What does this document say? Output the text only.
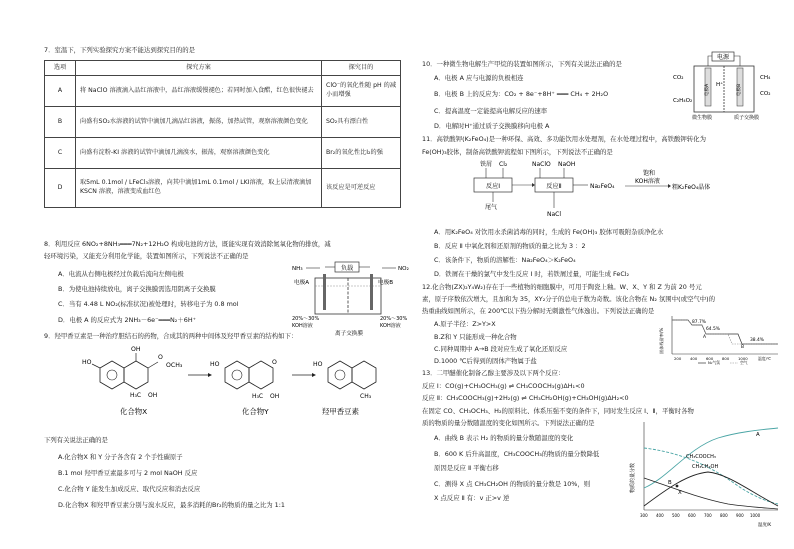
7．室温下，下列实验探究方案不能达到探究目的的是
选项	探究方案	探究目的
A	将 NaClO 溶液滴入品红溶液中，品红溶液缓慢褪色；若同时加入食醋，红色很快褪去	ClO⁻的氧化性随 pH 的减小而增强
B	向盛有SO₂水溶液的试管中滴加几滴品红溶液，振荡，加热试管，观察溶液颜色变化	SO₂具有漂白性
C	向盛有淀粉-KI 溶液的试管中滴加几滴溴水，振荡，观察溶液颜色变化	Br₂的氧化性比I₂的强
D	取5mL 0.1mol / LFeCl₃溶液，向其中滴加1mL 0.1mol / LKI溶液，取上层清液滴加KSCN 溶液，溶液变成血红色	该反应是可逆反应
8．利用反应 6NO₂+8NH₃═══7N₂+12H₂O 构成电池的方法，既能实现有效消除氮氧化物的排放，减
轻环境污染，又能充分利用化学能，装置如图所示，下列说法不正确的是
A．电流从右侧电极经过负载后流向左侧电极
B．为使电池持续放电，离子交换膜需选用阴离子交换膜
C．当有 4.48 L NO₂(标准状况)被处理时，转移电子为 0.8 mol
D．电极 A 的反应式为 2NH₃－6e⁻═══N₂＋6H⁺
负载
NH₃	NO₂
电极A	电极B
20%～30%
KOH溶液
20%～30%
KOH溶液
离子交换膜
9．羟甲香豆素是一种治疗胆结石的药物，合成其的两种中间体及羟甲香豆素的结构如下：
HO
OH
O
OCH₃
H₃C OH
化合物X
HO	O
H₃C OH
化合物Y
HO
CH₃
羟甲香豆素
下列有关说法正确的是
A.化合物X 和 Y 分子各含有 2 个手性碳原子
B.1 mol 羟甲香豆素最多可与 2 mol NaOH 反应
C.化合物 Y 能发生加成反应、取代反应和消去反应
D.化合物X 和羟甲香豆素分别与溴水反应，最多消耗的Br₂的物质的量之比为 1:1
10．一种微生物电解生产甲烷的装置如图所示，下列有关说法正确的是
A．电极 A 应与电源的负极相连
B．电极 B 上的反应为：CO₂ + 8e⁻+8H⁺ ═══ CH₄ + 2H₂O
C．提高温度一定能提高电解反应的速率
D．电解时H⁺通过质子交换膜移向电极 A
电源
电极A	电极B
CO₂
H⁺
C₂H₄O₂
CH₄
CO₂
微生物膜	质子交换膜
11．高铁酸钾(K₂FeO₄)是一种环保、高效、多功能饮用水处理剂，在水处理过程中，高铁酸钾转化为
Fe(OH)₃胶体，制备高铁酸钾流程如下图所示，下列说法不正确的是
铁屑 Cl₂	NaClO NaOH
反应Ⅰ	反应Ⅱ	Na₂FeO₄
饱和
KOH溶液
粗K₂FeO₄晶体
尾气
NaCl
A．用K₂FeO₄ 对饮用水杀菌消毒的同时，生成的 Fe(OH)₃ 胶体可吸附杂质净化水
B．反应 Ⅱ 中氧化剂和还原剂的物质的量之比为 3 ：2
C．该条件下，物质的溶解性：Na₂FeO₄＞K₂FeO₄
D．铁屑在干燥的氯气中发生反应 Ⅰ 时，若铁屑过量，可能生成 FeCl₂
12.化合物(ZX)₂Y₄W₂)存在于一些植物的细胞膜中，可用于陶瓷上釉。W、X、Y 和 Z 为前 20 号元
素，原子序数依次增大，且加和为 35，XY₂分子的总电子数为奇数。该化合物在 N₂ 氛围中(或空气中)的
热重曲线如图所示，在 200℃以下热分解时无刺激性气体逸出。下列说法正确的是
A.原子半径：Z>Y>X
B.Z和 Y 只能形成一种化合物
C.同种周期中 A→B 段对应生成了氧化还原反应
D.1000 ℃后得到的固体产物属于盐
固体残留率/%
87.7%
64.5%
38.4%
A
B
200 400 600 800 1000	温度/℃
N₂气氛	空气
13．二甲醚催化制备乙醇主要涉及以下两个反应：
反应 Ⅰ：CO(g)+CH₃OCH₃(g) ⇌ CH₃COOCH₃(g)ΔH₁<0
反应 Ⅱ：CH₃COOCH₃(g)+2H₂(g) ⇌ CH₃CH₂OH(g)+CH₃OH(g)ΔH₂<0
在固定 CO、CH₃OCH₃、H₂的原料比、体系压强不变的条件下，同时发生反应 Ⅰ、Ⅱ，平衡时各物
质的物质的量分数随温度的变化如图所示。下列说法正确的是
A．曲线 B 表示 H₂ 的物质的量分数随温度的变化
B．600 K 后升高温度，CH₃COOCH₃的物质的量分数降低
原因是反应 Ⅱ 平衡右移
C．测得 X 点 CH₃CH₂OH 的物质的量分数是 10%，则
X 点反应 Ⅱ 有：v 正>v 逆
物质的量分数
CH₃COOCH₃
CH₃CH₂OH
A
B
X
300 400 500 600 700 800 900 1000
温度/K
